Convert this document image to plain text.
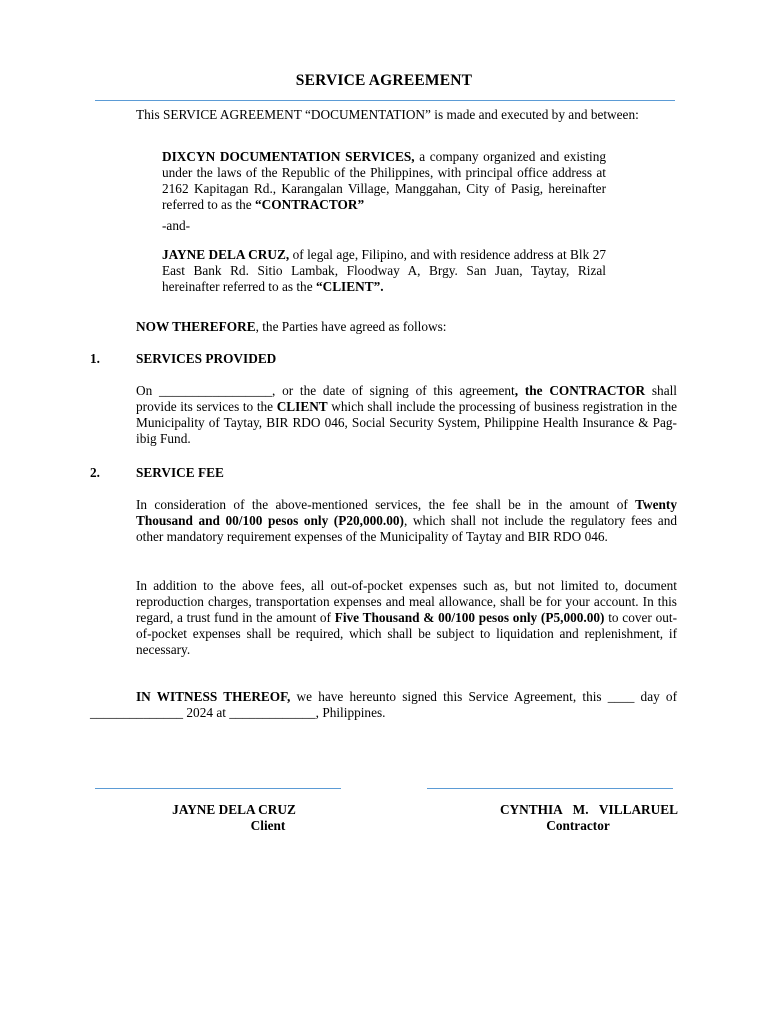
SERVICE AGREEMENT
This SERVICE AGREEMENT “DOCUMENTATION” is made and executed by and between:
DIXCYN DOCUMENTATION SERVICES, a company organized and existing under the laws of the Republic of the Philippines, with principal office address at 2162 Kapitagan Rd., Karangalan Village, Manggahan, City of Pasig, hereinafter referred to as the “CONTRACTOR”
-and-
JAYNE DELA CRUZ, of legal age, Filipino, and with residence address at Blk 27 East Bank Rd. Sitio Lambak, Floodway A, Brgy. San Juan, Taytay, Rizal hereinafter referred to as the “CLIENT”.
NOW THEREFORE, the Parties have agreed as follows:
1.	SERVICES PROVIDED
On _________________, or the date of signing of this agreement, the CONTRACTOR shall provide its services to the CLIENT which shall include the processing of business registration in the Municipality of Taytay, BIR RDO 046, Social Security System, Philippine Health Insurance & Pag-ibig Fund.
2.	SERVICE FEE
In consideration of the above-mentioned services, the fee shall be in the amount of Twenty Thousand and 00/100 pesos only (P20,000.00), which shall not include the regulatory fees and other mandatory requirement expenses of the Municipality of Taytay and BIR RDO 046.
In addition to the above fees, all out-of-pocket expenses such as, but not limited to, document reproduction charges, transportation expenses and meal allowance, shall be for your account. In this regard, a trust fund in the amount of Five Thousand & 00/100 pesos only (P5,000.00) to cover out-of-pocket expenses shall be required, which shall be subject to liquidation and replenishment, if necessary.
IN WITNESS THEREOF, we have hereunto signed this Service Agreement, this ____ day of ______________ 2024 at _____________, Philippines.
JAYNE DELA CRUZ
Client
CYNTHIA  M.  VILLARUEL
Contractor
